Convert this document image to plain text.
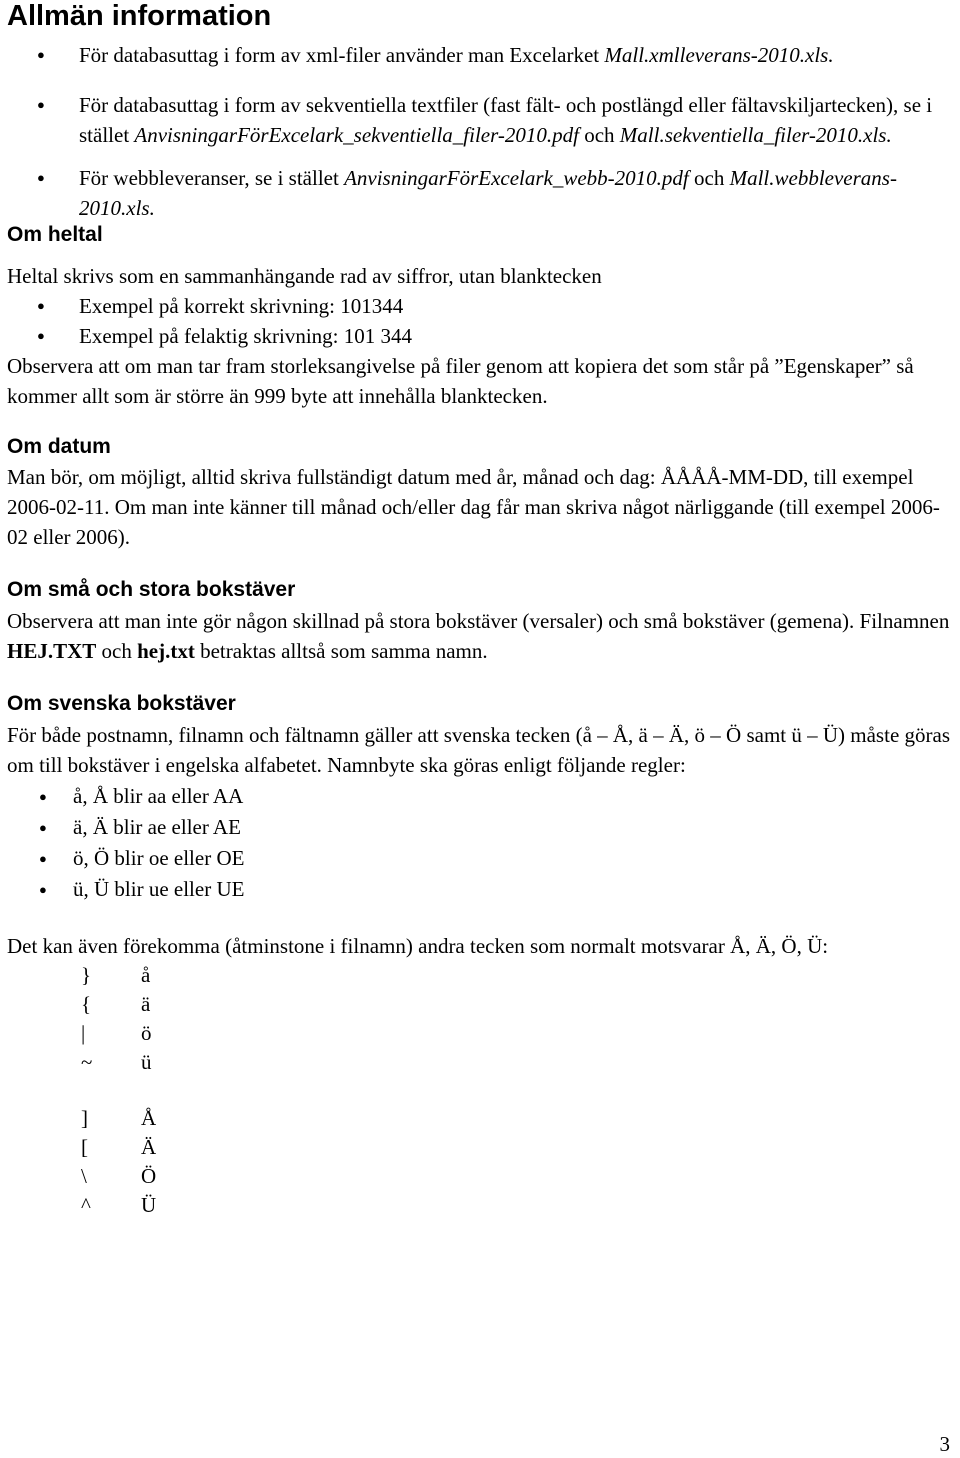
Allmän information
● För databasuttag i form av xml-filer använder man Excelarket Mall.xmlleverans-2010.xls.
● För databasuttag i form av sekventiella textfiler (fast fält- och postlängd eller fältavskiljartecken), se i stället AnvisningarFörExcelark_sekventiella_filer-2010.pdf och Mall.sekventiella_filer-2010.xls.
● För webbleveranser, se i stället AnvisningarFörExcelark_webb-2010.pdf och Mall.webbleverans-2010.xls.
Om heltal

Heltal skrivs som en sammanhängande rad av siffror, utan blanktecken

● Exempel på korrekt skrivning: 101344
● Exempel på felaktig skrivning: 101 344

Observera att om man tar fram storleksangivelse på filer genom att kopiera det som står på ”Egenskaper” så kommer allt som är större än 999 byte att innehålla blanktecken.

Om datum

Man bör, om möjligt, alltid skriva fullständigt datum med år, månad och dag: ÅÅÅÅ-MM-DD, till exempel 2006-02-11. Om man inte känner till månad och/eller dag får man skriva något närliggande (till exempel 2006-02 eller 2006).

Om små och stora bokstäver

Observera att man inte gör någon skillnad på stora bokstäver (versaler) och små bokstäver (gemena). Filnamnen HEJ.TXT och hej.txt betraktas alltså som samma namn.

Om svenska bokstäver

För både postnamn, filnamn och fältnamn gäller att svenska tecken (å – Å, ä – Ä, ö – Ö samt ü – Ü) måste göras om till bokstäver i engelska alfabetet. Namnbyte ska göras enligt följande regler:

● å, Å blir aa eller AA
● ä, Ä blir ae eller AE
● ö, Ö blir oe eller OE
● ü, Ü blir ue eller UE

Det kan även förekomma (åtminstone i filnamn) andra tecken som normalt motsvarar Å, Ä, Ö, Ü:

}	å
{	ä
|	ö
~	ü
]	Å
[	Ä
\	Ö
^	Ü
3
